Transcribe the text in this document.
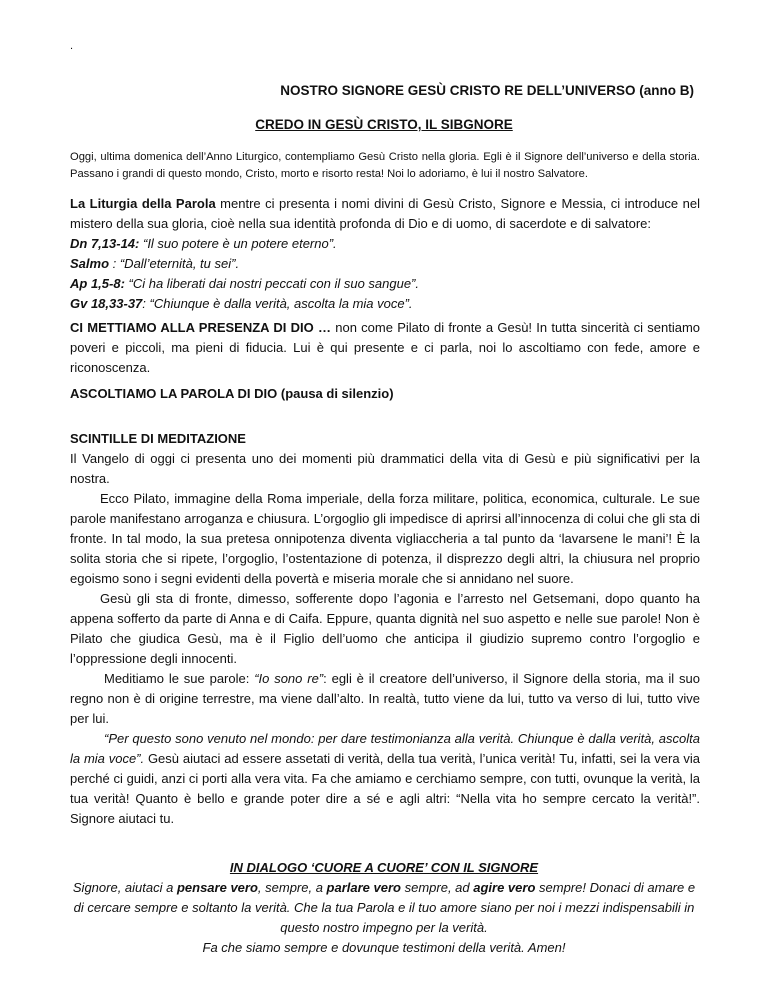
.
NOSTRO SIGNORE GESÙ CRISTO RE DELL’UNIVERSO (anno B)
CREDO IN GESÙ CRISTO, IL SIBGNORE

Oggi, ultima domenica dell’Anno Liturgico, contempliamo Gesù Cristo nella gloria. Egli è il Signore dell’universo e della storia. Passano i grandi di questo mondo, Cristo, morto e risorto resta! Noi lo adoriamo, è lui il nostro Salvatore.

La Liturgia della Parola mentre ci presenta i nomi divini di Gesù Cristo, Signore e Messia, ci introduce nel mistero della sua gloria, cioè nella sua identità profonda di Dio e di uomo, di sacerdote e di salvatore:

Dn 7,13-14: “Il suo potere è un potere eterno”.

Salmo : “Dall’eternità, tu sei”.

Ap 1,5-8: “Ci ha liberati dai nostri peccati con il suo sangue”.

Gv 18,33-37: “Chiunque è dalla verità, ascolta la mia voce”.

CI METTIAMO ALLA PRESENZA DI DIO … non come Pilato di fronte a Gesù! In tutta sincerità ci sentiamo poveri e piccoli, ma pieni di fiducia. Lui è qui presente e ci parla, noi lo ascoltiamo con fede, amore e riconoscenza.

ASCOLTIAMO LA PAROLA DI DIO (pausa di silenzio)

SCINTILLE DI MEDITAZIONE

Il Vangelo di oggi ci presenta uno dei momenti più drammatici della vita di Gesù e più significativi per la nostra.

Ecco Pilato, immagine della Roma imperiale, della forza militare, politica, economica, culturale. Le sue parole manifestano arroganza e chiusura. L’orgoglio gli impedisce di aprirsi all’innocenza di colui che gli sta di fronte. In tal modo, la sua pretesa onnipotenza diventa vigliaccheria a tal punto da ‘lavarsene le mani’! È la solita storia che si ripete, l’orgoglio, l’ostentazione di potenza, il disprezzo degli altri, la chiusura nel proprio egoismo sono i segni evidenti della povertà e miseria morale che si annidano nel suore.

Gesù gli sta di fronte, dimesso, sofferente dopo l’agonia e l’arresto nel Getsemani, dopo quanto ha appena sofferto da parte di Anna e di Caifa. Eppure, quanta dignità nel suo aspetto e nelle sue parole! Non è Pilato che giudica Gesù, ma è il Figlio dell’uomo che anticipa il giudizio supremo contro l’orgoglio e l’oppressione degli innocenti.

Meditiamo le sue parole: “Io sono re”: egli è il creatore dell’universo, il Signore della storia, ma il suo regno non è di origine terrestre, ma viene dall’alto. In realtà, tutto viene da lui, tutto va verso di lui, tutto vive per lui.

“Per questo sono venuto nel mondo: per dare testimonianza alla verità. Chiunque è dalla verità, ascolta la mia voce”. Gesù aiutaci ad essere assetati di verità, della tua verità, l’unica verità! Tu, infatti, sei la vera via perché ci guidi, anzi ci porti alla vera vita. Fa che amiamo e cerchiamo sempre, con tutti, ovunque la verità, la tua verità! Quanto è bello e grande poter dire a sé e agli altri: “Nella vita ho sempre cercato la verità!”. Signore aiutaci tu.

IN DIALOGO ‘CUORE A CUORE’ CON IL SIGNORE

Signore, aiutaci a pensare vero, sempre, a parlare vero sempre, ad agire vero sempre! Donaci di amare e di cercare sempre e soltanto la verità. Che la tua Parola e il tuo amore siano per noi i mezzi indispensabili in questo nostro impegno per la verità.

Fa che siamo sempre e dovunque testimoni della verità. Amen!
